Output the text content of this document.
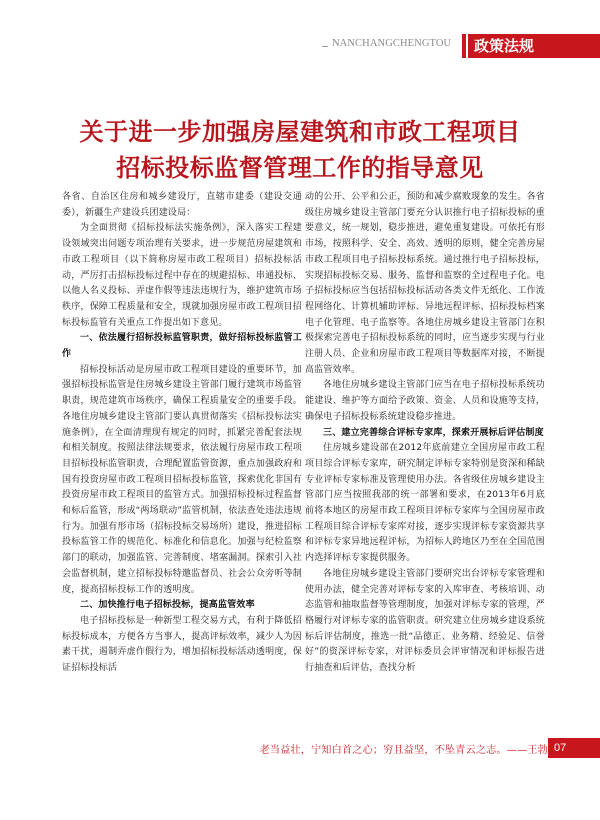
NANCHANGCHENGTOU	政策法规
关于进一步加强房屋建筑和市政工程项目
招标投标监督管理工作的指导意见

各省、自治区住房和城乡建设厅，直辖市建委（建设交通委），新疆生产建设兵团建设局：

为全面贯彻《招标投标法实施条例》，深入落实工程建设领域突出问题专项治理有关要求，进一步规范房屋建筑和市政工程项目（以下简称房屋市政工程项目）招标投标活动，严厉打击招标投标过程中存在的规避招标、串通投标、以他人名义投标、弄虚作假等违法违规行为，维护建筑市场秩序，保障工程质量和安全，现就加强房屋市政工程项目招标投标监管有关重点工作提出如下意见。

一、依法履行招标投标监管职责，做好招标投标监管工作

招标投标活动是房屋市政工程项目建设的重要环节，加强招标投标监管是住房城乡建设主管部门履行建筑市场监管职责，规范建筑市场秩序，确保工程质量安全的重要手段。各地住房城乡建设主管部门要认真贯彻落实《招标投标法实施条例》，在全面清理现有规定的同时，抓紧完善配套法规和相关制度。按照法律法规要求，依法履行房屋市政工程项目招标投标监管职责，合理配置监管资源，重点加强政府和国有投资房屋市政工程项目招标投标监管，探索优化非国有投资房屋市政工程项目的监管方式。加强招标投标过程监督和标后监管，形成“两场联动”监管机制，依法查处违法违规行为。加强有形市场（招标投标交易场所）建设，推进招标投标监管工作的规范化、标准化和信息化。加强与纪检监察部门的联动，加强监管、完善制度、堵塞漏洞。探索引入社会监督机制，建立招标投标特邀监督员、社会公众旁听等制度，提高招标投标工作的透明度。

二、加快推行电子招标投标，提高监管效率

电子招标投标是一种新型工程交易方式，有利于降低招标投标成本，方便各方当事人，提高评标效率，减少人为因素干扰，遏制弄虚作假行为，增加招标投标活动透明度，保证招标投标活

动的公开、公平和公正，预防和减少腐败现象的发生。各省级住房城乡建设主管部门要充分认识推行电子招标投标的重要意义，统一规划，稳步推进，避免重复建设。可依托有形市场，按照科学、安全、高效、透明的原则，健全完善房屋市政工程项目电子招标投标系统。通过推行电子招标投标，实现招标投标交易、服务、监督和监察的全过程电子化。电子招标投标应当包括招标投标活动各类文件无纸化、工作流程网络化、计算机辅助评标、异地远程评标、招标投标档案电子化管理、电子监察等。各地住房城乡建设主管部门在积极探索完善电子招标投标系统的同时，应当逐步实现与行业注册人员、企业和房屋市政工程项目等数据库对接，不断提高监管效率。

各地住房城乡建设主管部门应当在电子招标投标系统功能建设、维护等方面给予政策、资金、人员和设施等支持，确保电子招标投标系统建设稳步推进。

三、建立完善综合评标专家库，探索开展标后评估制度

住房城乡建设部在2012年底前建立全国房屋市政工程项目综合评标专家库，研究制定评标专家特别是资深和稀缺专业评标专家标准及管理使用办法。各省级住房城乡建设主管部门应当按照我部的统一部署和要求，在2013年6月底前将本地区的房屋市政工程项目评标专家库与全国房屋市政工程项目综合评标专家库对接，逐步实现评标专家资源共享和评标专家异地远程评标，为招标人跨地区乃至在全国范围内选择评标专家提供服务。

各地住房城乡建设主管部门要研究出台评标专家管理和使用办法，健全完善对评标专家的入库审查、考核培训、动态监管和抽取监督等管理制度，加强对评标专家的管理，严格履行对评标专家的监管职责。研究建立住房城乡建设系统标后评估制度，推选一批“品德正、业务精、经验足、信誉好”的资深评标专家，对评标委员会评审情况和评标报告进行抽查和后评估，查找分析

老当益壮，宁知白首之心；穷且益坚，不坠青云之志。——王勃 07
